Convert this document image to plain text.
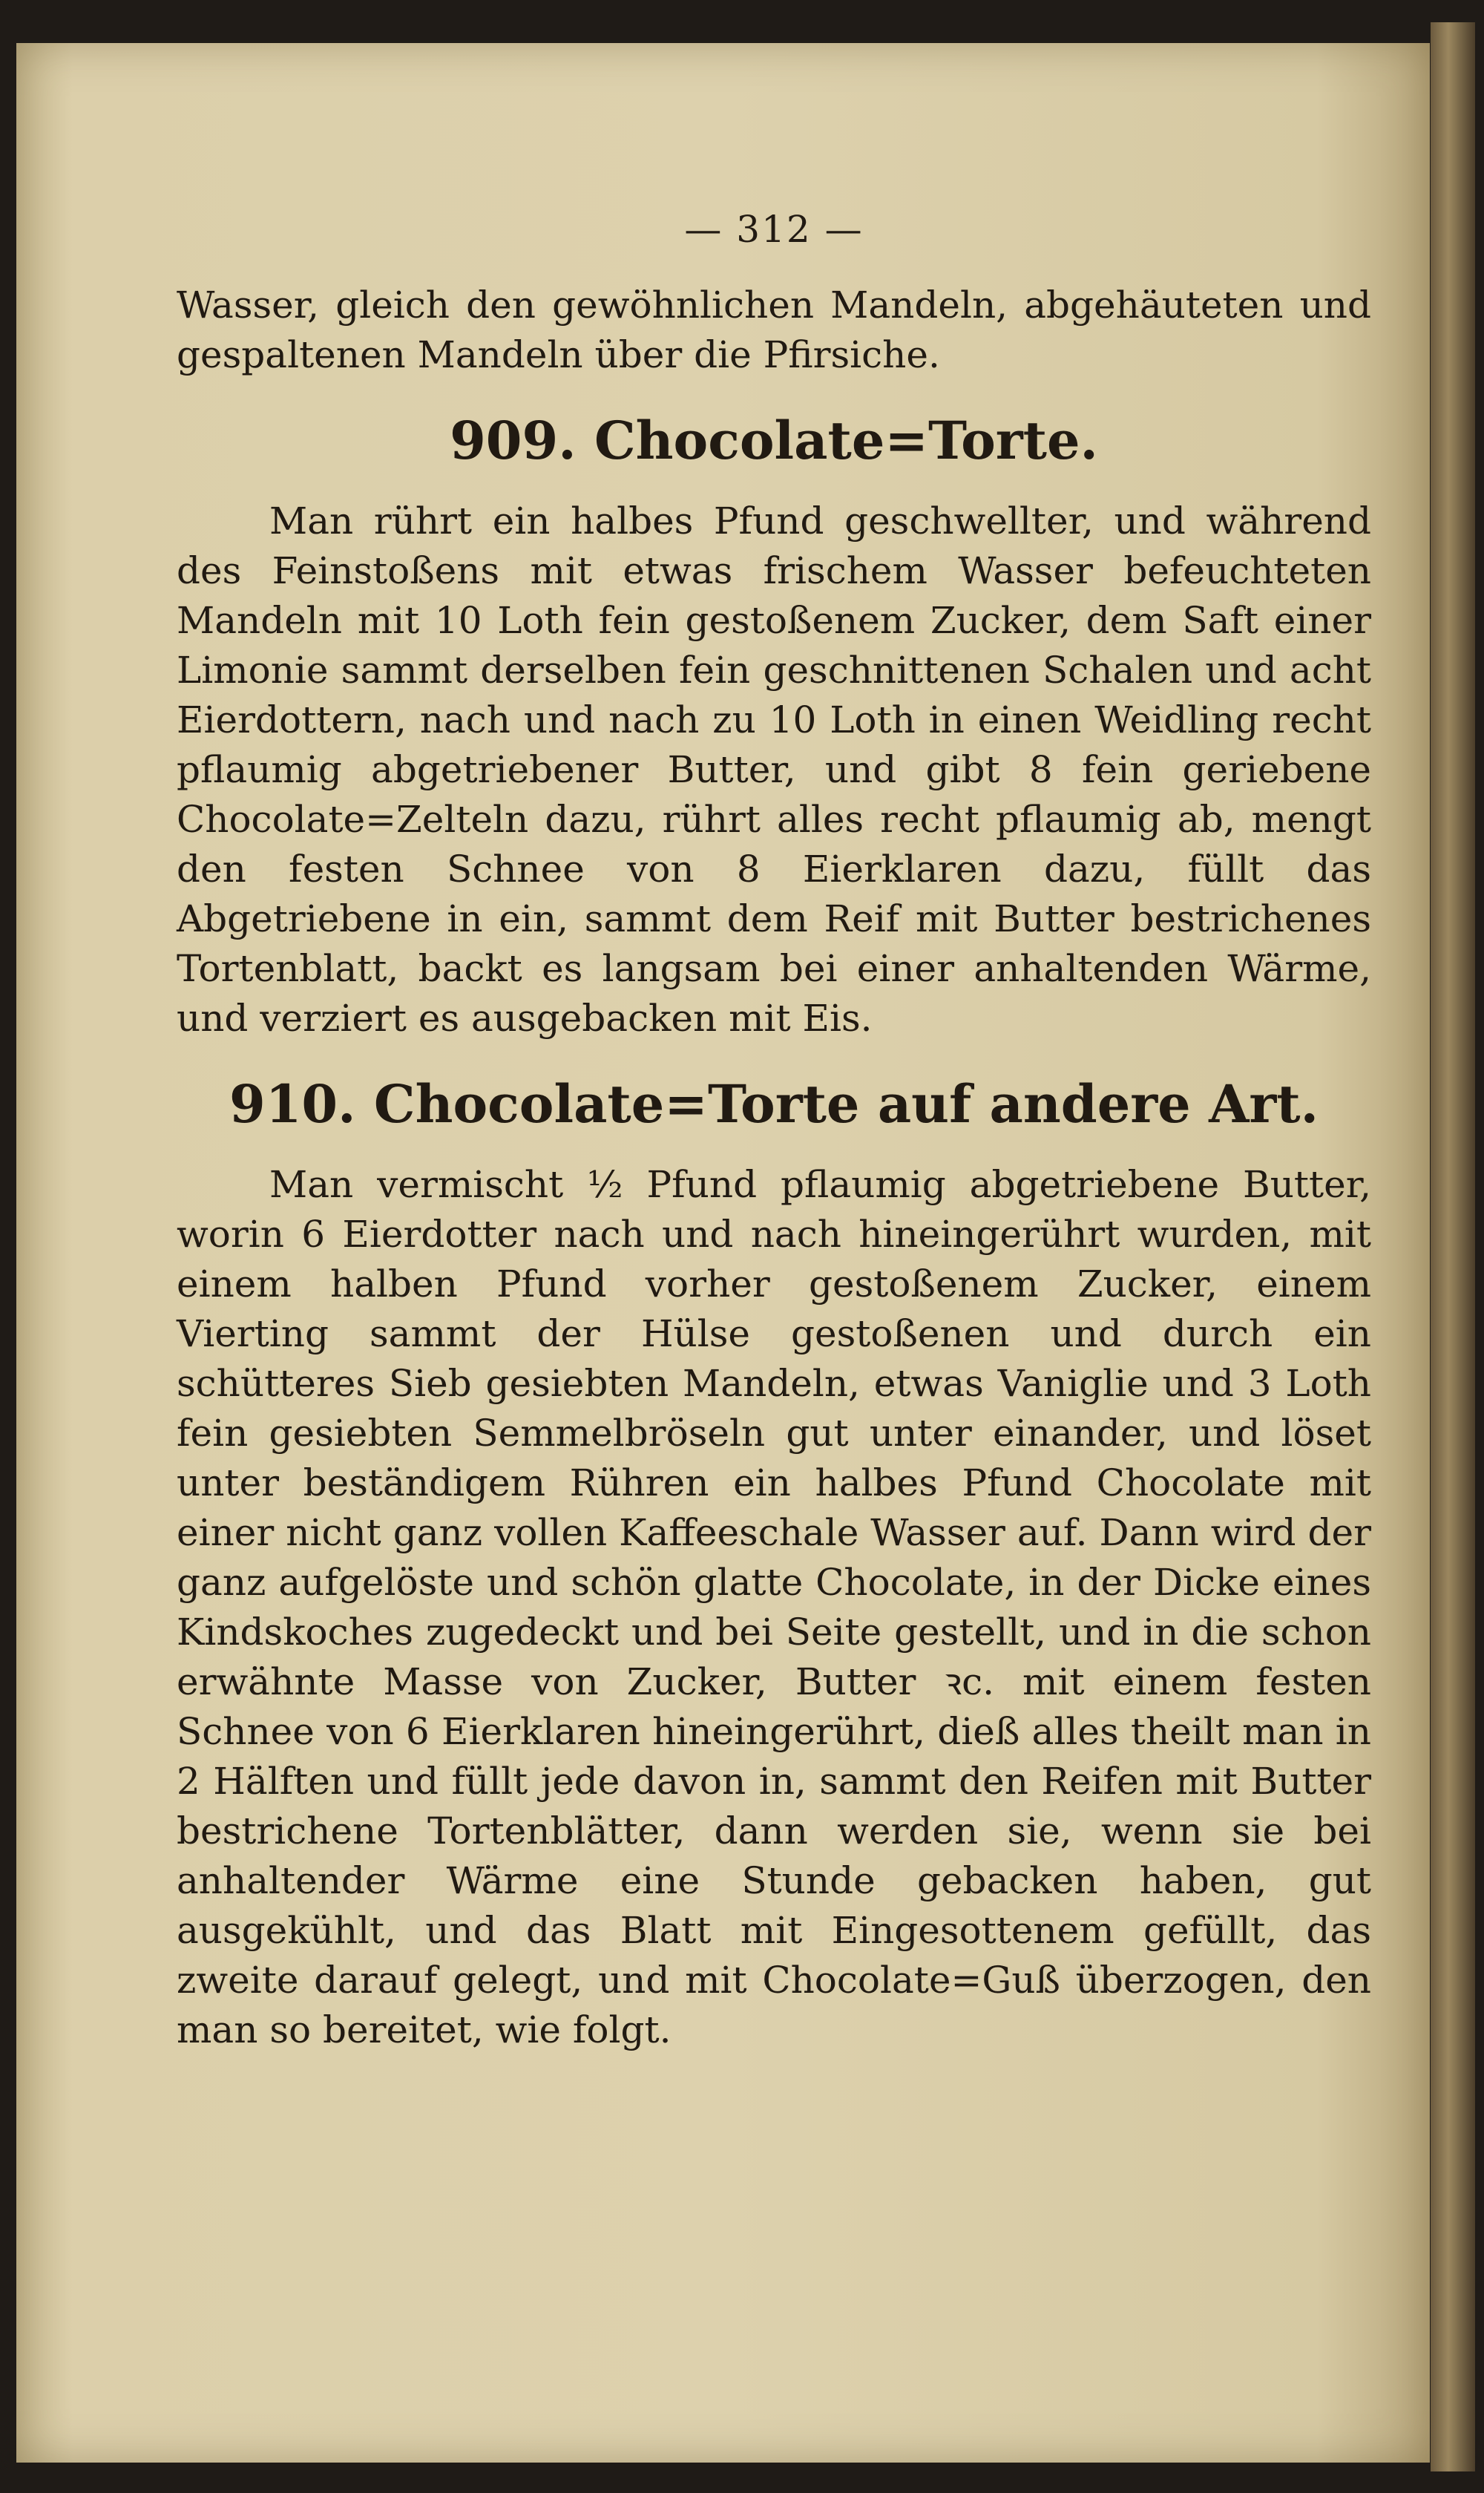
— 312 —

Wasser, gleich den gewöhnlichen Mandeln, abgehäuteten und gespaltenen Mandeln über die Pfirsiche.

909. Chocolate=Torte.

Man rührt ein halbes Pfund geschwellter, und während des Feinstoßens mit etwas frischem Wasser befeuchteten Mandeln mit 10 Loth fein gestoßenem Zucker, dem Saft einer Limonie sammt derselben fein geschnittenen Schalen und acht Eierdottern, nach und nach zu 10 Loth in einen Weidling recht pflaumig abgetriebener Butter, und gibt 8 fein geriebene Chocolate=Zelteln dazu, rührt alles recht pflaumig ab, mengt den festen Schnee von 8 Eierklaren dazu, füllt das Abgetriebene in ein, sammt dem Reif mit Butter bestrichenes Tortenblatt, backt es langsam bei einer anhaltenden Wärme, und verziert es ausgebacken mit Eis.

910. Chocolate=Torte auf andere Art.

Man vermischt ½ Pfund pflaumig abgetriebene Butter, worin 6 Eierdotter nach und nach hineingerührt wurden, mit einem halben Pfund vorher gestoßenem Zucker, einem Vierting sammt der Hülse gestoßenen und durch ein schütteres Sieb gesiebten Mandeln, etwas Vaniglie und 3 Loth fein gesiebten Semmelbröseln gut unter einander, und löset unter beständigem Rühren ein halbes Pfund Chocolate mit einer nicht ganz vollen Kaffeeschale Wasser auf. Dann wird der ganz aufgelöste und schön glatte Chocolate, in der Dicke eines Kindskoches zugedeckt und bei Seite gestellt, und in die schon erwähnte Masse von Zucker, Butter ꝛc. mit einem festen Schnee von 6 Eierklaren hineingerührt, dieß alles theilt man in 2 Hälften und füllt jede davon in, sammt den Reifen mit Butter bestrichene Tortenblätter, dann werden sie, wenn sie bei anhaltender Wärme eine Stunde gebacken haben, gut ausgekühlt, und das Blatt mit Eingesottenem gefüllt, das zweite darauf gelegt, und mit Chocolate=Guß überzogen, den man so bereitet, wie folgt.
